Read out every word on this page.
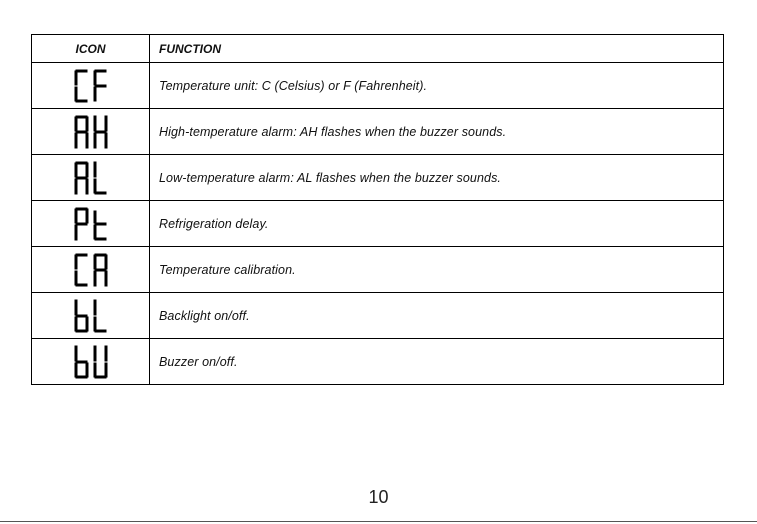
ICON	FUNCTION
	Temperature unit: C (Celsius) or F (Fahrenheit).
	High-temperature alarm: AH flashes when the buzzer sounds.
	Low-temperature alarm: AL flashes when the buzzer sounds.
	Refrigeration delay.
	Temperature calibration.
	Backlight on/off.
	Buzzer on/off.
10
